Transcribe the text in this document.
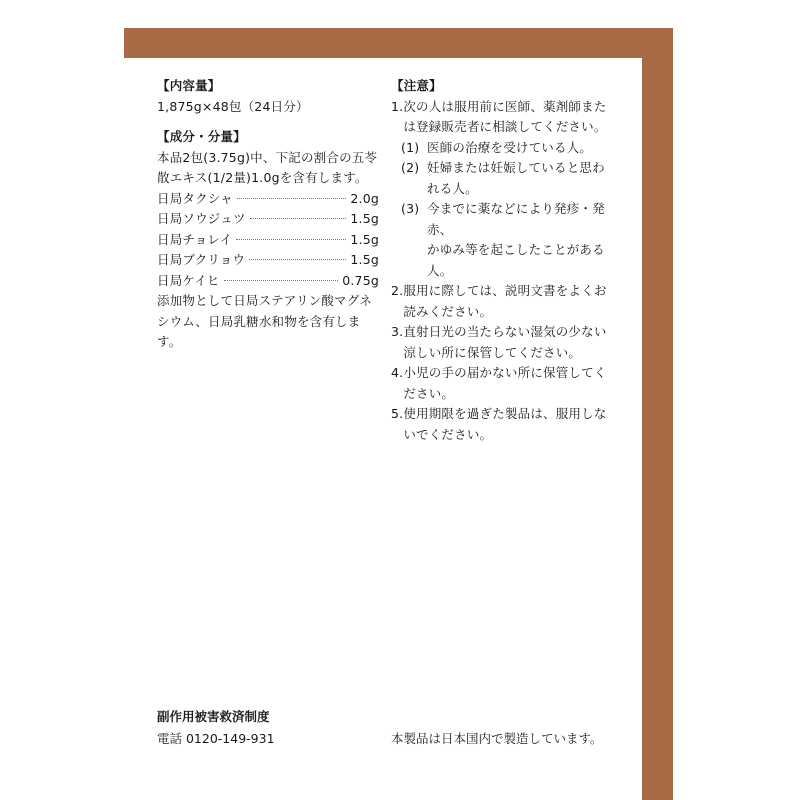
【内容量】
1,875g×48包（24日分）
【成分・分量】
本品2包(3.75g)中、下記の割合の五苓
散エキス(1/2量)1.0gを含有します。
日局タクシャ	2.0g
日局ソウジュツ	1.5g
日局チョレイ	1.5g
日局ブクリョウ	1.5g
日局ケイヒ	0.75g
添加物として日局ステアリン酸マグネ
シウム、日局乳糖水和物を含有します。
【注意】
1. 次の人は服用前に医師、薬剤師また
は登録販売者に相談してください。
(1) 医師の治療を受けている人。
(2) 妊婦または妊娠していると思わ
れる人。
(3) 今までに薬などにより発疹・発赤、
かゆみ等を起こしたことがある人。
2. 服用に際しては、説明文書をよくお
読みください。
3. 直射日光の当たらない湿気の少ない
涼しい所に保管してください。
4. 小児の手の届かない所に保管してく
ださい。
5. 使用期限を過ぎた製品は、服用しな
いでください。
副作用被害救済制度
電話 0120-149-931	本製品は日本国内で製造しています。
